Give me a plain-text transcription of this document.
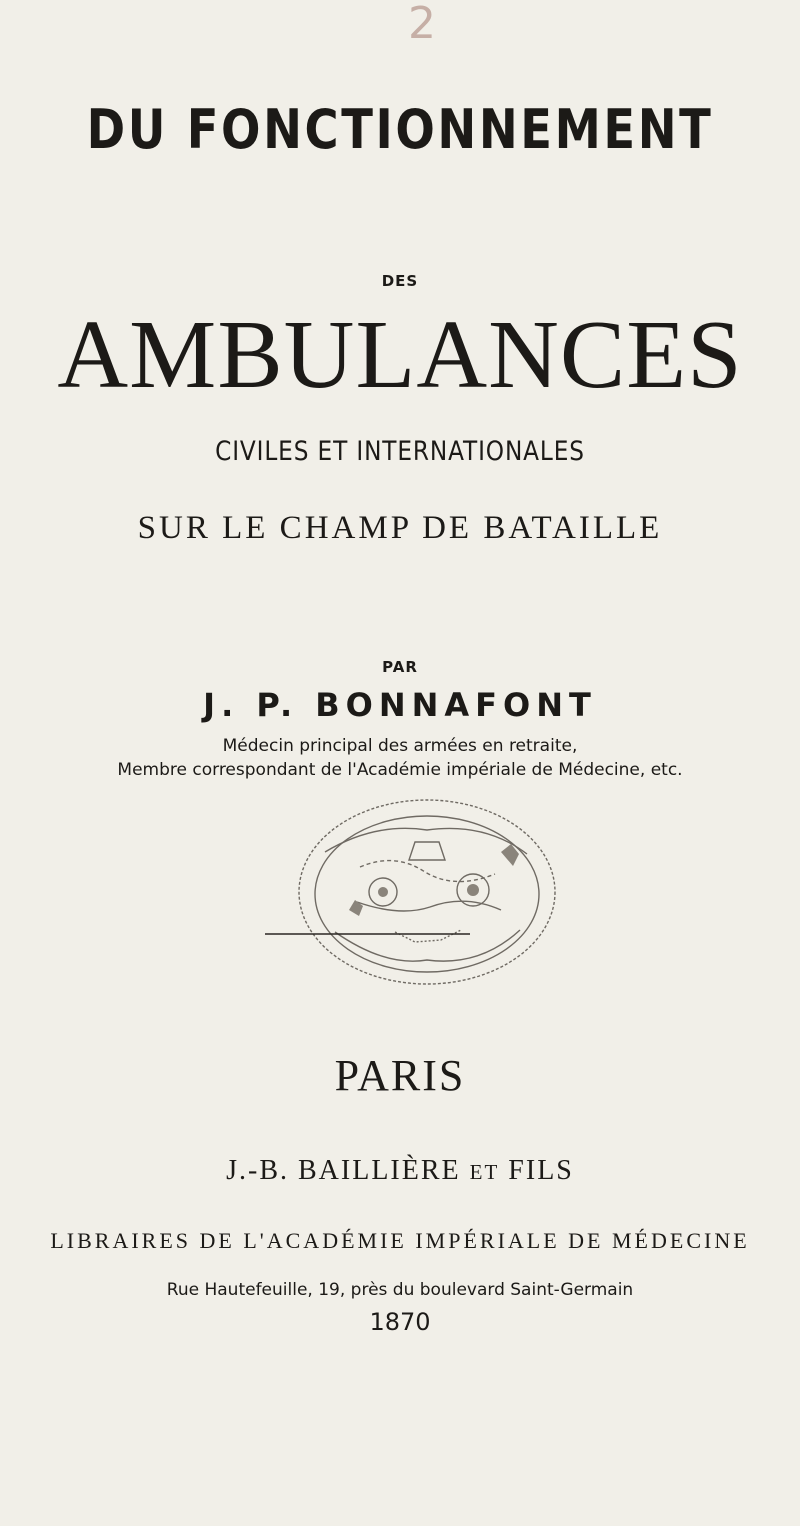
2
DU FONCTIONNEMENT
DES
AMBULANCES
CIVILES ET INTERNATIONALES
SUR LE CHAMP DE BATAILLE
PAR
J. P. BONNAFONT
Médecin principal des armées en retraite,
Membre correspondant de l'Académie impériale de Médecine, etc.
PARIS
J.-B. BAILLIÈRE ET FILS
LIBRAIRES DE L'ACADÉMIE IMPÉRIALE DE MÉDECINE
Rue Hautefeuille, 19, près du boulevard Saint-Germain
1870
